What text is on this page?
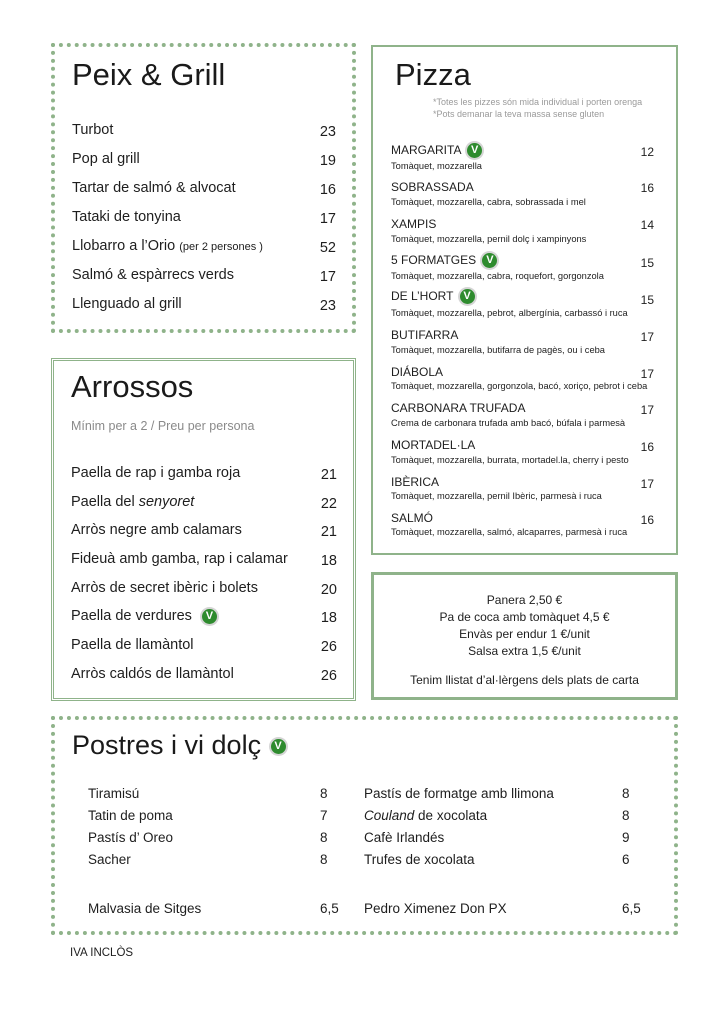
Peix & Grill
Turbot	23
Pop al grill	19
Tartar de salmó & alvocat	16
Tataki de tonyina	17
Llobarro a l’Orio (per 2 persones )	52
Salmó & espàrrecs verds	17
Llenguado al grill	23
Arrossos
Mínim per a 2 / Preu per persona
Paella de rap i gamba roja	21
Paella del senyoret	22
Arròs negre amb calamars	21
Fideuà amb gamba, rap i calamar 18
Arròs de secret ibèric i bolets	20
Paella de verdures V	18
Paella de llamàntol	26
Arròs caldós de llamàntol	26
Pizza
*Totes les pizzes són mida individual i porten orenga
*Pots demanar la teva massa sense gluten
MARGARITA V	12
Tomàquet, mozzarella
SOBRASSADA	16
Tomàquet, mozzarella, cabra, sobrassada i mel
XAMPIS	14
Tomàquet, mozzarella, pernil dolç i xampinyons
5 FORMATGES V	15
Tomàquet, mozzarella, cabra, roquefort, gorgonzola
DE L’HORT V	15
Tomàquet, mozzarella, pebrot, albergínia, carbassó i ruca
BUTIFARRA	17
Tomàquet, mozzarella, butifarra de pagès, ou i ceba
DIÁBOLA	17
Tomàquet, mozzarella, gorgonzola, bacó, xoriço, pebrot i ceba
CARBONARA TRUFADA	17
Crema de carbonara trufada amb bacó, búfala i parmesà
MORTADEL·LA	16
Tomàquet, mozzarella, burrata, mortadel.la, cherry i pesto
IBÈRICA	17
Tomàquet, mozzarella, pernil Ibèric, parmesà i ruca
SALMÓ	16
Tomàquet, mozzarella, salmó, alcaparres, parmesà i ruca
Panera 2,50 €
Pa de coca amb tomàquet 4,5 €
Envàs per endur 1 €/unit
Salsa extra 1,5 €/unit
Tenim llistat d’al·lèrgens dels plats de carta
Postres i vi dolç V
Tiramisú	8
Tatin de poma	7
Pastís d’ Oreo	8
Sacher	8
Pastís de formatge amb llimona	8
Couland de xocolata	8
Cafè Irlandés	9
Trufes de xocolata	6
Malvasia de Sitges	6,5 Pedro Ximenez Don PX	6,5
IVA INCLÒS
